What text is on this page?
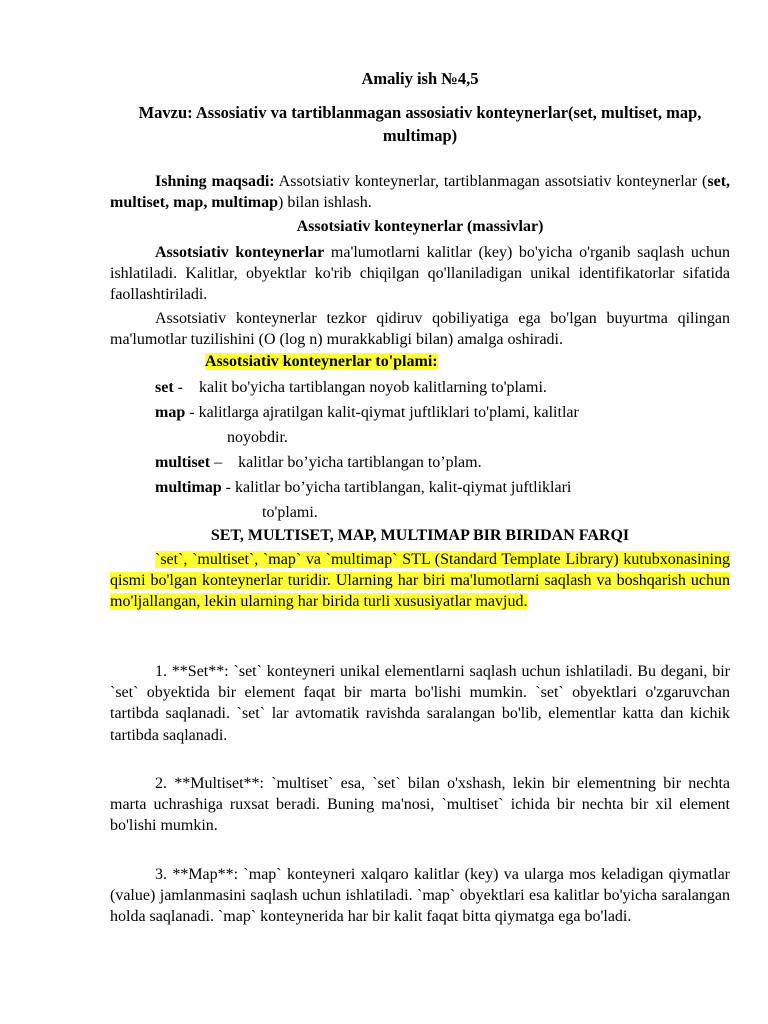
Amaliy ish №4,5
Mavzu: Assosiativ va tartiblanmagan assosiativ konteynerlar(set, multiset, map,
multimap)
Ishning maqsadi: Assotsiativ konteynerlar, tartiblanmagan assotsiativ konteynerlar (set, multiset, map, multimap) bilan ishlash.
Assotsiativ konteynerlar (massivlar)
Assotsiativ konteynerlar ma'lumotlarni kalitlar (key) bo'yicha o'rganib saqlash uchun ishlatiladi. Kalitlar, obyektlar ko'rib chiqilgan qo'llaniladigan unikal identifikatorlar sifatida faollashtiriladi.
Assotsiativ konteynerlar tezkor qidiruv qobiliyatiga ega bo'lgan buyurtma qilingan ma'lumotlar tuzilishini (O (log n) murakkabligi bilan) amalga oshiradi.
Assotsiativ konteynerlar to'plami:
set - kalit bo'yicha tartiblangan noyob kalitlarning to'plami.
map - kalitlarga ajratilgan kalit-qiymat juftliklari to'plami, kalitlar
noyobdir.
multiset – kalitlar bo’yicha tartiblangan to’plam.
multimap - kalitlar bo’yicha tartiblangan, kalit-qiymat juftliklari
to'plami.
SET, MULTISET, MAP, MULTIMAP BIR BIRIDAN FARQI
`set`, `multiset`, `map` va `multimap` STL (Standard Template Library) kutubxonasining qismi bo'lgan konteynerlar turidir. Ularning har biri ma'lumotlarni saqlash va boshqarish uchun mo'ljallangan, lekin ularning har birida turli xususiyatlar mavjud.
1. **Set**: `set` konteyneri unikal elementlarni saqlash uchun ishlatiladi. Bu degani, bir `set` obyektida bir element faqat bir marta bo'lishi mumkin. `set` obyektlari o'zgaruvchan tartibda saqlanadi. `set` lar avtomatik ravishda saralangan bo'lib, elementlar katta dan kichik tartibda saqlanadi.
2. **Multiset**: `multiset` esa, `set` bilan o'xshash, lekin bir elementning bir nechta marta uchrashiga ruxsat beradi. Buning ma'nosi, `multiset` ichida bir nechta bir xil element bo'lishi mumkin.
3. **Map**: `map` konteyneri xalqaro kalitlar (key) va ularga mos keladigan qiymatlar (value) jamlanmasini saqlash uchun ishlatiladi. `map` obyektlari esa kalitlar bo'yicha saralangan holda saqlanadi. `map` konteynerida har bir kalit faqat bitta qiymatga ega bo'ladi.
